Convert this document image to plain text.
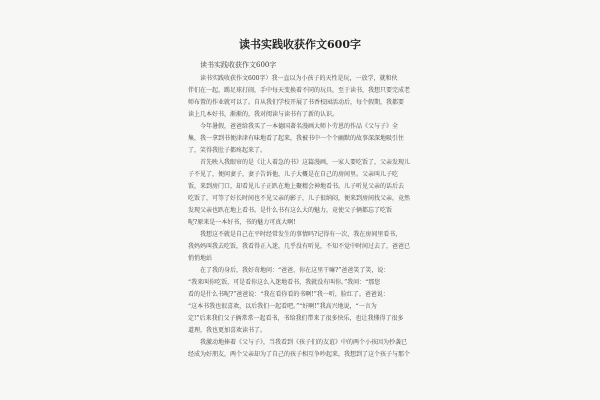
读书实践收获作文600字
读书实践收获作文600字
读书实践收获作文600字）我一直以为小孩子的天性是玩，一放学，就和伙
伴们在一起，踢足球打闹，手中每天变换着不同的玩具，至于读书，我想只要完成老
师布置的作业就可以了。自从我们学校开展了书香校园活动后，每个假期，我都要
读上几本好书，渐渐的，我对阅读与读书有了新的认识。
今年暑假，爸爸给我买了一本德国著名漫画大师卜劳恩的作品《父与子》全
集，我一拿到书便津津有味地看了起来，我被书中一个个幽默的故事深深地吸引住
了，笑得我肚子都疼起来了。
首先映入我眼帘的是《让人着急的书》这篇漫画，一家人要吃饭了，父亲发现儿
子不见了，便问妻子，妻子告诉他，儿子大概是在自己的房间里。父亲叫儿子吃
饭，来到房门口，却看见儿子正趴在地上聚精会神地看书。儿子听见父亲的话后去
吃饭了，可等了好长时间也不见父亲的影子，儿子很纳闷，便来到房间找父亲，竟然
发现父亲也趴在地上看书。是什么书有这么大的魅力，竟使父子俩都忘了吃饭
呢?原来是一本好书，书的魅力可真大啊!
我想这不就是自己在平时经常发生的事情吗?记得有一次，我在房间里看书，
我妈妈叫我去吃饭，我看得正入迷，几乎没有听见，不知不觉中时间过去了，爸爸已
悄悄地站
在了我的身后，我好奇地问：“爸爸，你在这里干嘛?”爸爸笑了笑，说：
“我来叫你吃饭，可是看你这么入迷地看书，我就没有叫你。”我问：“那您
看的是什么书呢?”爸爸说：“我在看你看的书啊!”我一听，脸红了。爸爸说：
“这本书我也很喜欢，以后我们一起看吧。”“好啊!”我高兴地说，“一言为
定!”后来我们父子俩常常一起看书，书给我们带来了很多快乐，也让我懂得了很多
道理，我也更加喜欢读书了。
我激动地捧着《父与子》，当我看到《孩子们的友谊》中的两个小孩因为抄袭已
经成为好朋友，两个父亲却为了自己的孩子相互争吵起来，我想到了这个孩子与那个
